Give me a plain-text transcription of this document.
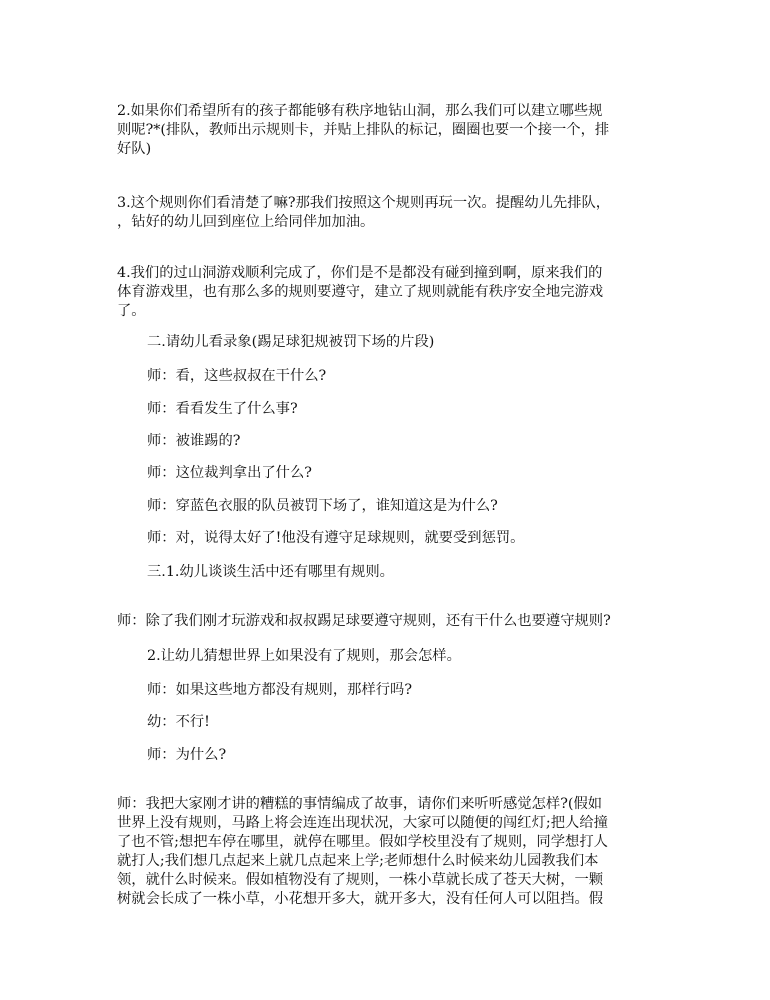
2.如果你们希望所有的孩子都能够有秩序地钻山洞，那么我们可以建立哪些规
则呢?*(排队，教师出示规则卡，并贴上排队的标记，圈圈也要一个接一个，排
好队)
3.这个规则你们看清楚了嘛?那我们按照这个规则再玩一次。提醒幼儿先排队，
，钻好的幼儿回到座位上给同伴加加油。
4.我们的过山洞游戏顺利完成了，你们是不是都没有碰到撞到啊，原来我们的
体育游戏里，也有那么多的规则要遵守，建立了规则就能有秩序安全地完游戏
了。

二.请幼儿看录象(踢足球犯规被罚下场的片段)

师：看，这些叔叔在干什么?

师：看看发生了什么事?

师：被谁踢的?

师：这位裁判拿出了什么?

师：穿蓝色衣服的队员被罚下场了，谁知道这是为什么?

师：对，说得太好了!他没有遵守足球规则，就要受到惩罚。

三.1.幼儿谈谈生活中还有哪里有规则。

师：除了我们刚才玩游戏和叔叔踢足球要遵守规则，还有干什么也要遵守规则?

2.让幼儿猜想世界上如果没有了规则，那会怎样。

师：如果这些地方都没有规则，那样行吗?

幼：不行!

师：为什么?

师：我把大家刚才讲的糟糕的事情编成了故事，请你们来听听感觉怎样?(假如
世界上没有规则，马路上将会连连出现状况，大家可以随便的闯红灯;把人给撞
了也不管;想把车停在哪里，就停在哪里。假如学校里没有了规则，同学想打人
就打人;我们想几点起来上就几点起来上学;老师想什么时候来幼儿园教我们本
领，就什么时候来。假如植物没有了规则，一株小草就长成了苍天大树，一颗
树就会长成了一株小草，小花想开多大，就开多大，没有任何人可以阻挡。假
